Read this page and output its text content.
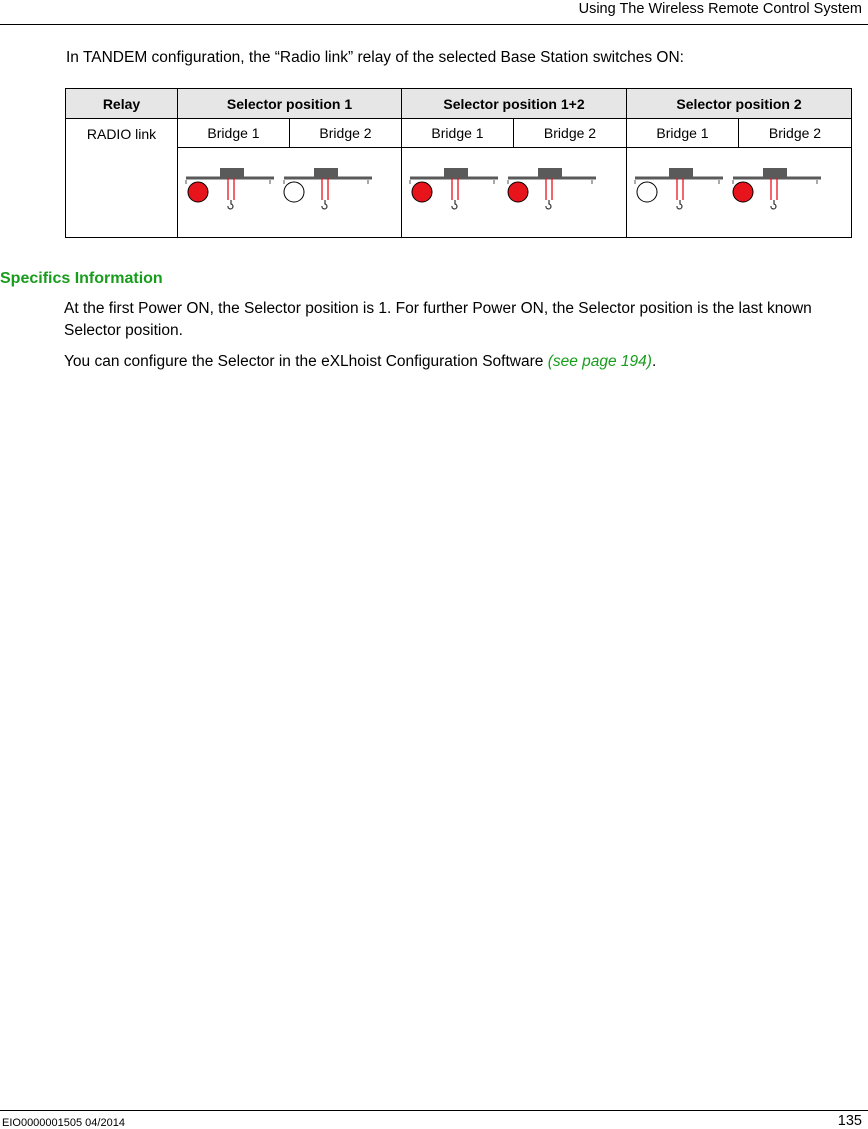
Using The Wireless Remote Control System
In TANDEM configuration, the “Radio link” relay of the selected Base Station switches ON:
Relay	Selector position 1		Selector position 1+2		Selector position 2	
RADIO link	Bridge 1	Bridge 2	Bridge 1	Bridge 2	Bridge 1	Bridge 2

Specifics Information
At the first Power ON, the Selector position is 1. For further Power ON, the Selector position is the last known Selector position.
You can configure the Selector in the eXLhoist Configuration Software (see page 194).
EIO0000001505 04/2014	135
